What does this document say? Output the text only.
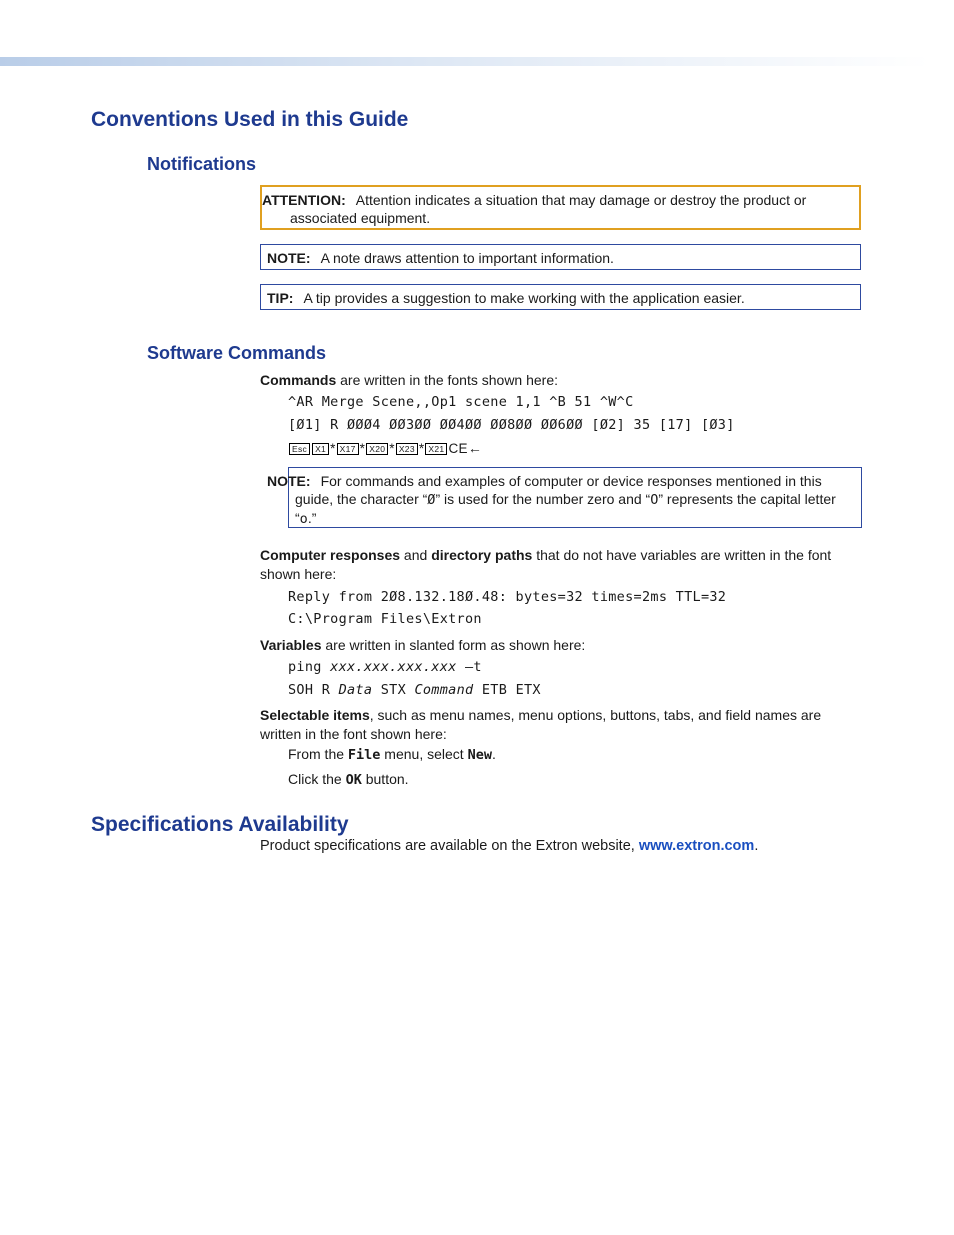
Conventions Used in this Guide
Notifications
ATTENTION: Attention indicates a situation that may damage or destroy the product or associated equipment.
NOTE: A note draws attention to important information.
TIP: A tip provides a suggestion to make working with the application easier.
Software Commands

Commands are written in the fonts shown here:

^AR Merge Scene,,Op1 scene 1,1 ^B 51 ^W^C

[Ø1] R ØØØ4 ØØ3ØØ ØØ4ØØ ØØ8ØØ ØØ6ØØ [Ø2] 35 [17] [Ø3]

Esc X1 * X17 * X20 * X23 * X21 CE←

NOTE: For commands and examples of computer or device responses mentioned in this guide, the character “Ø” is used for the number zero and “O” represents the capital letter “o.”

Computer responses and directory paths that do not have variables are written in the font shown here:

Reply from 2Ø8.132.18Ø.48: bytes=32 times=2ms TTL=32

C:\Program Files\Extron

Variables are written in slanted form as shown here:

ping xxx.xxx.xxx.xxx —t

SOH R Data STX Command ETB ETX

Selectable items, such as menu names, menu options, buttons, tabs, and field names are written in the font shown here:

From the File menu, select New.

Click the OK button.

Specifications Availability

Product specifications are available on the Extron website, www.extron.com.
